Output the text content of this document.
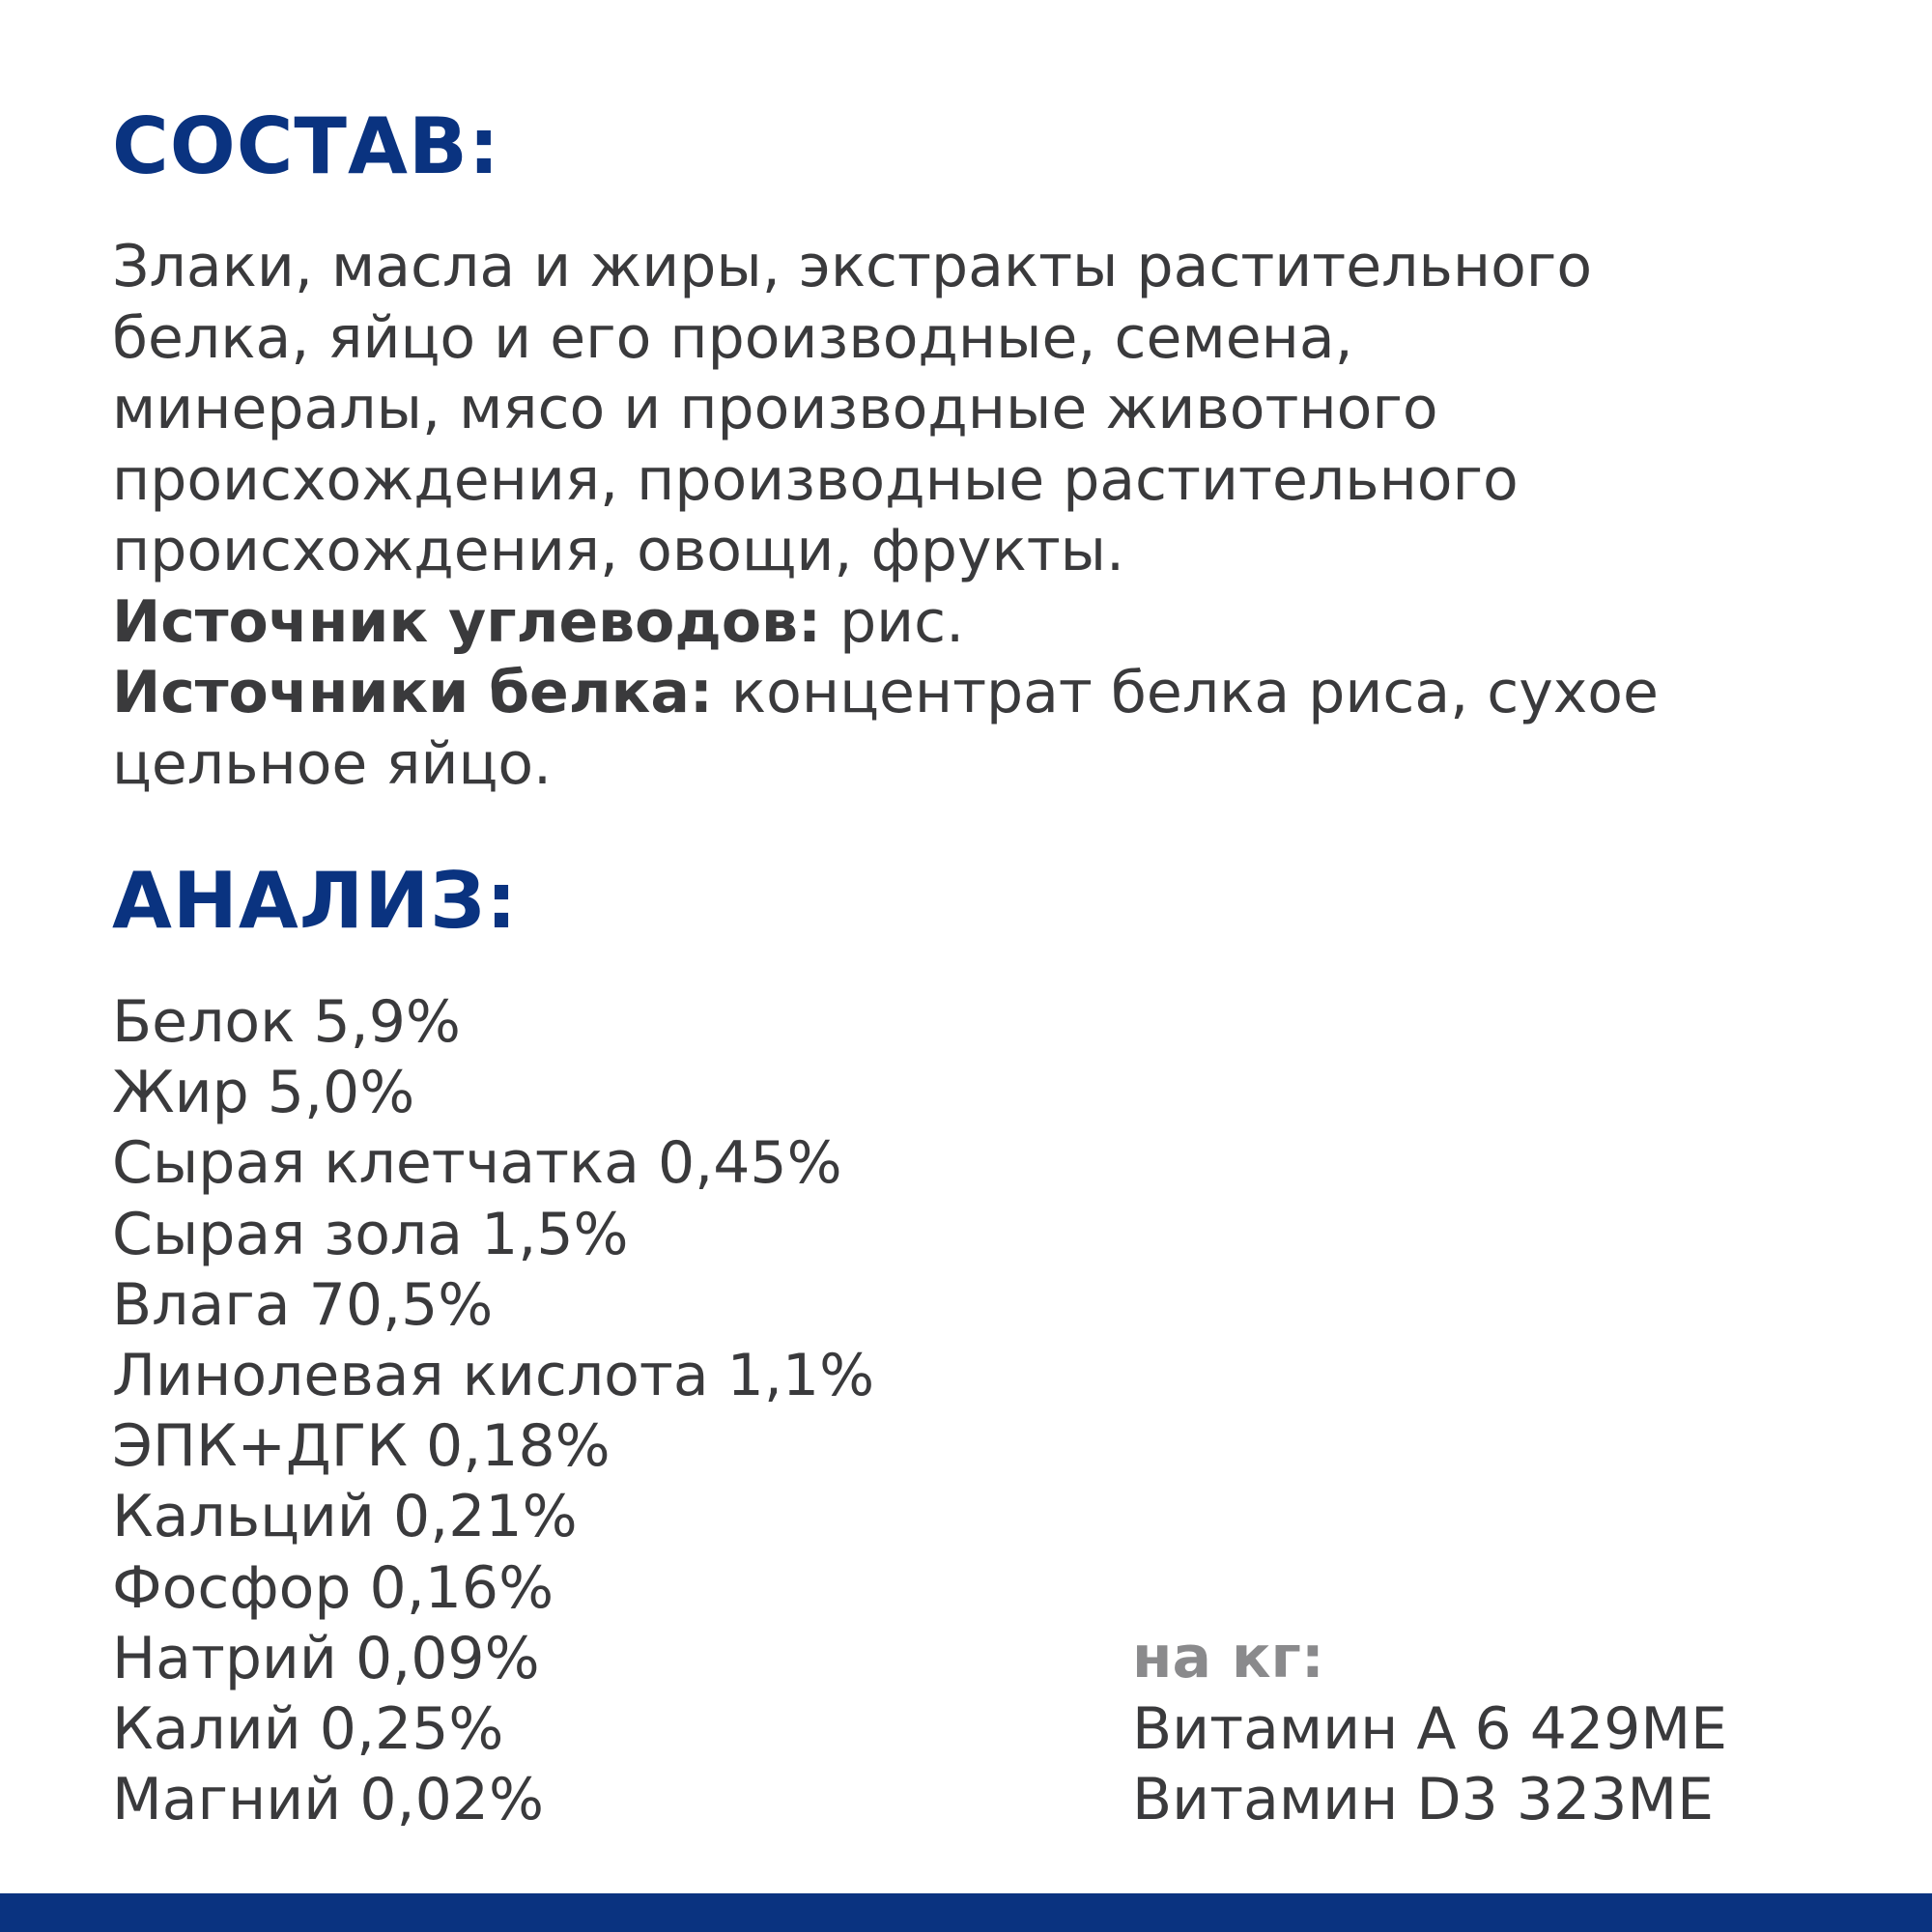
СОСТАВ:

Злаки, масла и жиры, экстракты растительного

белка, яйцо и его производные, семена,

минералы, мясо и производные животного

происхождения, производные растительного

происхождения, овощи, фрукты.

Источник углеводов: рис.

Источники белка: концентрат белка риса, сухое

цельное яйцо.

АНАЛИЗ:
Белок 5,9%
Жир 5,0%
Сырая клетчатка 0,45%
Сырая зола 1,5%
Влага 70,5%
Линолевая кислота 1,1%
ЭПК+ДГК 0,18%
Кальций 0,21%
Фосфор 0,16%
Натрий 0,09%
Калий 0,25%
Магний 0,02%
на кг:
Витамин А 6 429МЕ
Витамин D3 323МЕ
